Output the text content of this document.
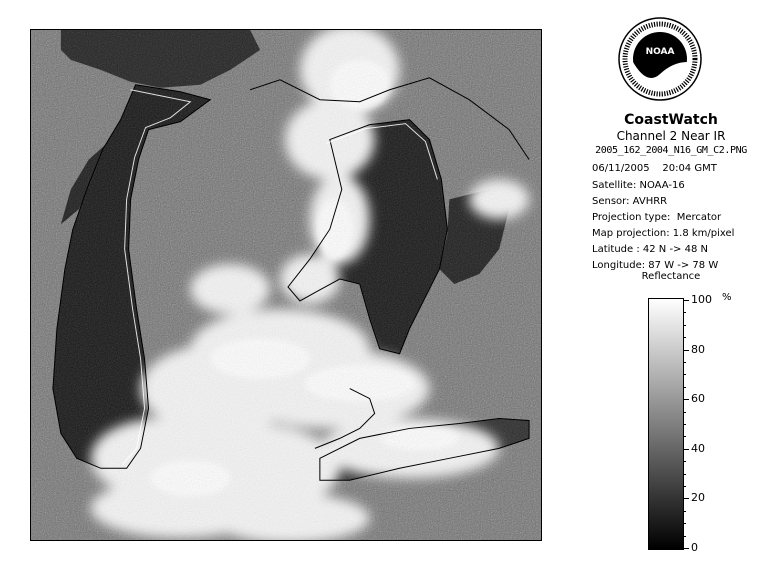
NOAA
CoastWatch
Channel 2 Near IR
2005_162_2004_N16_GM_C2.PNG
06/11/2005    20:04 GMT
Satellite: NOAA-16
Sensor: AVHRR
Projection type:  Mercator
Map projection: 1.8 km/pixel
Latitude : 42 N -> 48 N
Longitude: 87 W -> 78 W
Reflectance
%
100
80
60
40
20
0
